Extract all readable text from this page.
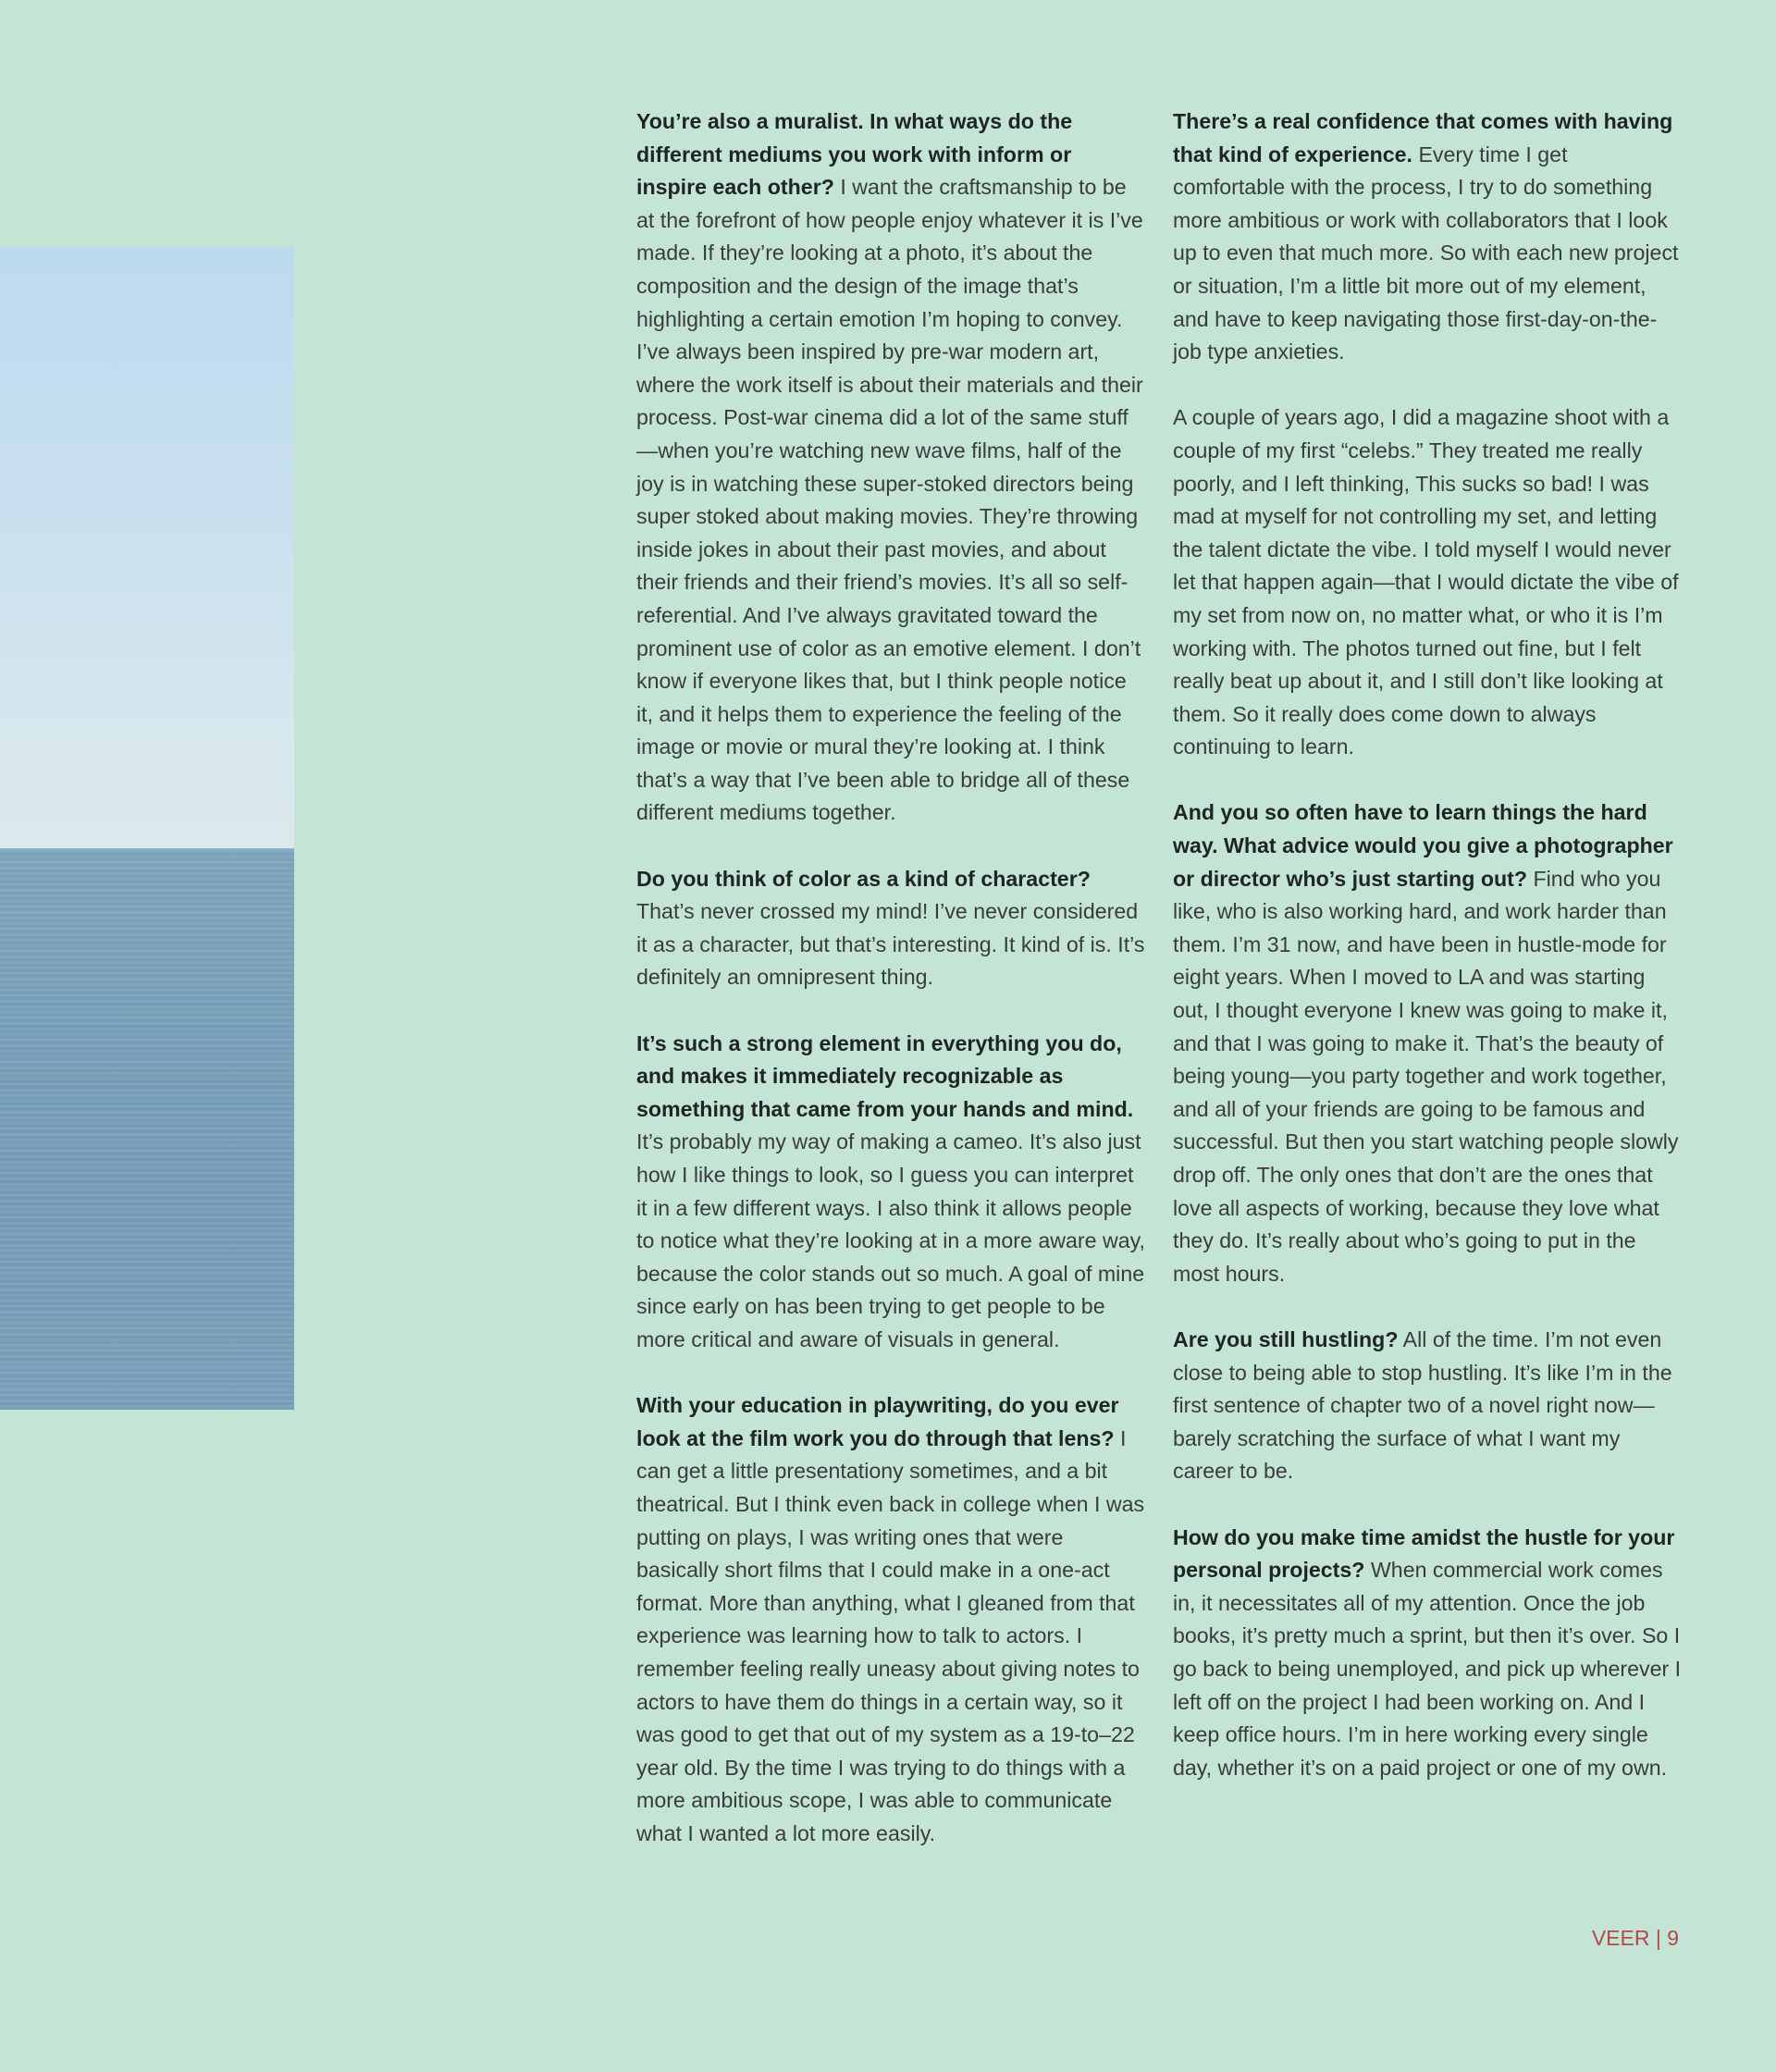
You’re also a muralist. In what ways do the different mediums you work with inform or inspire each other? I want the craftsmanship to be at the forefront of how people enjoy whatever it is I’ve made. If they’re looking at a photo, it’s about the composition and the design of the image that’s highlighting a certain emotion I’m hoping to convey. I’ve always been inspired by pre-war modern art, where the work itself is about their materials and their process. Post-war cinema did a lot of the same stuff—when you’re watching new wave films, half of the joy is in watching these super-stoked directors being super stoked about making movies. They’re throwing inside jokes in about their past movies, and about their friends and their friend’s movies. It’s all so self-referential. And I’ve always gravitated toward the prominent use of color as an emotive element. I don’t know if everyone likes that, but I think people notice it, and it helps them to experience the feeling of the image or movie or mural they’re looking at. I think that’s a way that I’ve been able to bridge all of these different mediums together.

Do you think of color as a kind of character? That’s never crossed my mind! I’ve never considered it as a character, but that’s interesting. It kind of is. It’s definitely an omnipresent thing.

It’s such a strong element in everything you do, and makes it immediately recognizable as something that came from your hands and mind. It’s probably my way of making a cameo. It’s also just how I like things to look, so I guess you can interpret it in a few different ways. I also think it allows people to notice what they’re looking at in a more aware way, because the color stands out so much. A goal of mine since early on has been trying to get people to be more critical and aware of visuals in general.

With your education in playwriting, do you ever look at the film work you do through that lens? I can get a little presentationy sometimes, and a bit theatrical. But I think even back in college when I was putting on plays, I was writing ones that were basically short films that I could make in a one-act format. More than anything, what I gleaned from that experience was learning how to talk to actors. I remember feeling really uneasy about giving notes to actors to have them do things in a certain way, so it was good to get that out of my system as a 19-to–22 year old. By the time I was trying to do things with a more ambitious scope, I was able to communicate what I wanted a lot more easily.

There’s a real confidence that comes with having that kind of experience. Every time I get comfortable with the process, I try to do something more ambitious or work with collaborators that I look up to even that much more. So with each new project or situation, I’m a little bit more out of my element, and have to keep navigating those first-day-on-the-job type anxieties.

A couple of years ago, I did a magazine shoot with a couple of my first “celebs.” They treated me really poorly, and I left thinking, This sucks so bad! I was mad at myself for not controlling my set, and letting the talent dictate the vibe. I told myself I would never let that happen again—that I would dictate the vibe of my set from now on, no matter what, or who it is I’m working with. The photos turned out fine, but I felt really beat up about it, and I still don’t like looking at them. So it really does come down to always continuing to learn.

And you so often have to learn things the hard way. What advice would you give a photographer or director who’s just starting out? Find who you like, who is also working hard, and work harder than them. I’m 31 now, and have been in hustle-mode for eight years. When I moved to LA and was starting out, I thought everyone I knew was going to make it, and that I was going to make it. That’s the beauty of being young—you party together and work together, and all of your friends are going to be famous and successful. But then you start watching people slowly drop off. The only ones that don’t are the ones that love all aspects of working, because they love what they do. It’s really about who’s going to put in the most hours.

Are you still hustling? All of the time. I’m not even close to being able to stop hustling. It’s like I’m in the first sentence of chapter two of a novel right now—barely scratching the surface of what I want my career to be.

How do you make time amidst the hustle for your personal projects? When commercial work comes in, it necessitates all of my attention. Once the job books, it’s pretty much a sprint, but then it’s over. So I go back to being unemployed, and pick up wherever I left off on the project I had been working on. And I keep office hours. I’m in here working every single day, whether it’s on a paid project or one of my own.

VEER | 9
